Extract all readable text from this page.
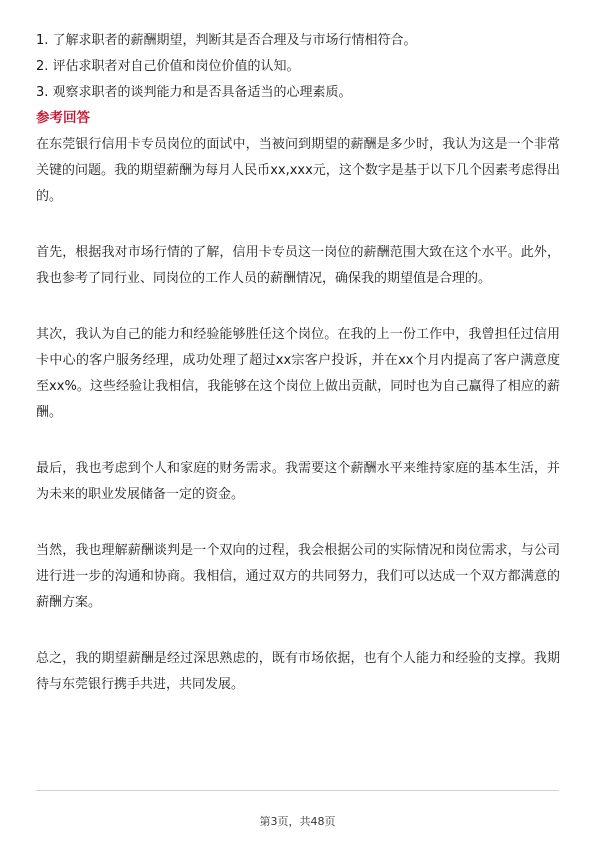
1. 了解求职者的薪酬期望，判断其是否合理及与市场行情相符合。
2. 评估求职者对自己价值和岗位价值的认知。
3. 观察求职者的谈判能力和是否具备适当的心理素质。
参考回答

在东莞银行信用卡专员岗位的面试中，当被问到期望的薪酬是多少时，我认为这是一个非常关键的问题。我的期望薪酬为每月人民币xx,xxx元，这个数字是基于以下几个因素考虑得出的。

首先，根据我对市场行情的了解，信用卡专员这一岗位的薪酬范围大致在这个水平。此外，我也参考了同行业、同岗位的工作人员的薪酬情况，确保我的期望值是合理的。

其次，我认为自己的能力和经验能够胜任这个岗位。在我的上一份工作中，我曾担任过信用卡中心的客户服务经理，成功处理了超过xx宗客户投诉，并在xx个月内提高了客户满意度至xx%。这些经验让我相信，我能够在这个岗位上做出贡献，同时也为自己赢得了相应的薪酬。

最后，我也考虑到个人和家庭的财务需求。我需要这个薪酬水平来维持家庭的基本生活，并为未来的职业发展储备一定的资金。

当然，我也理解薪酬谈判是一个双向的过程，我会根据公司的实际情况和岗位需求，与公司进行进一步的沟通和协商。我相信，通过双方的共同努力，我们可以达成一个双方都满意的薪酬方案。

总之，我的期望薪酬是经过深思熟虑的，既有市场依据，也有个人能力和经验的支撑。我期待与东莞银行携手共进，共同发展。

第3页，共48页
